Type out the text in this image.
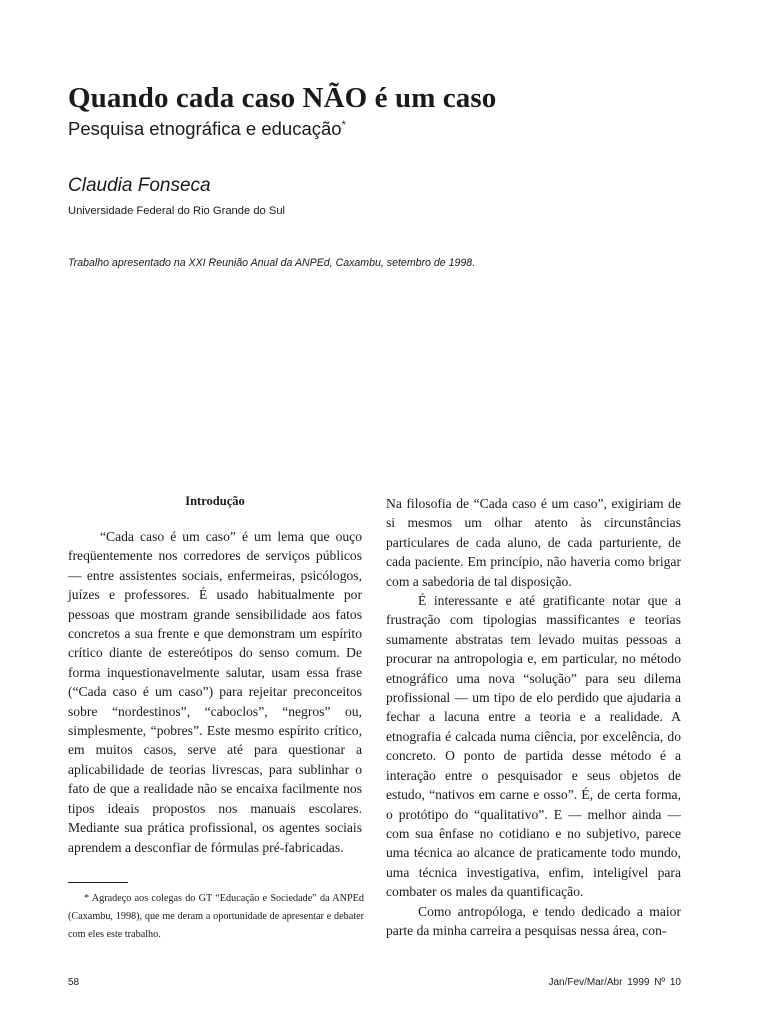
Quando cada caso NÃO é um caso

Pesquisa etnográfica e educação*

Claudia Fonseca

Universidade Federal do Rio Grande do Sul

Trabalho apresentado na XXI Reunião Anual da ANPEd, Caxambu, setembro de 1998.

Introdução

“Cada caso é um caso” é um lema que ouço freqüentemente nos corredores de serviços públicos — entre assistentes sociais, enfermeiras, psicólogos, juízes e professores. É usado habitualmente por pessoas que mostram grande sensibilidade aos fatos concretos a sua frente e que demonstram um espírito crítico diante de estereótipos do senso comum. De forma inquestionavelmente salutar, usam essa frase (“Cada caso é um caso”) para rejeitar preconceitos sobre “nordestinos”, “caboclos”, “negros” ou, simplesmente, “pobres”. Este mesmo espírito crítico, em muitos casos, serve até para questionar a aplicabilidade de teorias livrescas, para sublinhar o fato de que a realidade não se encaixa facilmente nos tipos ideais propostos nos manuais escolares. Mediante sua prática profissional, os agentes sociais aprendem a desconfiar de fórmulas pré-fabricadas.

Na filosofia de “Cada caso é um caso”, exigiriam de si mesmos um olhar atento às circunstâncias particulares de cada aluno, de cada parturiente, de cada paciente. Em princípio, não haveria como brigar com a sabedoria de tal disposição.

É interessante e até gratificante notar que a frustração com tipologias massificantes e teorias sumamente abstratas tem levado muitas pessoas a procurar na antropologia e, em particular, no método etnográfico uma nova “solução” para seu dilema profissional — um tipo de elo perdido que ajudaria a fechar a lacuna entre a teoria e a realidade. A etnografia é calcada numa ciência, por excelência, do concreto. O ponto de partida desse método é a interação entre o pesquisador e seus objetos de estudo, “nativos em carne e osso”. É, de certa forma, o protótipo do “qualitativo”. E — melhor ainda — com sua ênfase no cotidiano e no subjetivo, parece uma técnica ao alcance de praticamente todo mundo, uma técnica investigativa, enfim, inteligível para combater os males da quantificação.

Como antropóloga, e tendo dedicado a maior parte da minha carreira a pesquisas nessa área, con-

* Agradeço aos colegas do GT “Educação e Sociedade” da ANPEd (Caxambu, 1998), que me deram a oportunidade de apresentar e debater com eles este trabalho.

58	Jan/Fev/Mar/Abr 1999 Nº 10
